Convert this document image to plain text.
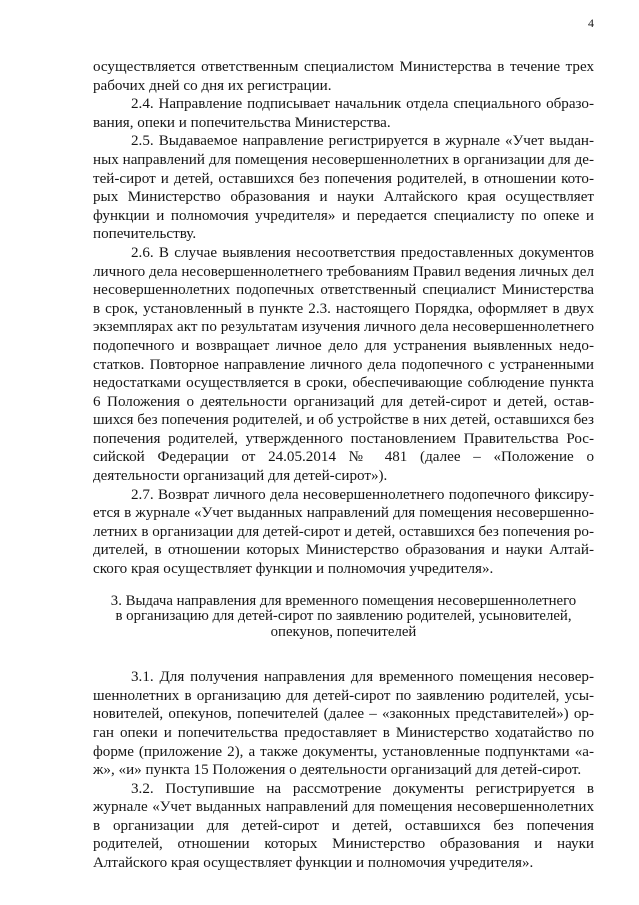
4

осуществляется ответственным специалистом Министерства в течение трех рабочих дней со дня их регистрации.

2.4. Направление подписывает начальник отдела специального образования, опеки и попечительства Министерства.

2.5. Выдаваемое направление регистрируется в журнале «Учет выданных направлений для помещения несовершеннолетних в организации для детей-сирот и детей, оставшихся без попечения родителей, в отношении которых Министерство образования и науки Алтайского края осуществляет функции и полномочия учредителя» и передается специалисту по опеке и попечительству.

2.6. В случае выявления несоответствия предоставленных документов личного дела несовершеннолетнего требованиям Правил ведения личных дел несовершеннолетних подопечных ответственный специалист Министерства в срок, установленный в пункте 2.3. настоящего Порядка, оформляет в двух экземплярах акт по результатам изучения личного дела несовершеннолетнего подопечного и возвращает личное дело для устранения выявленных недостатков. Повторное направление личного дела подопечного с устраненными недостатками осуществляется в сроки, обеспечивающие соблюдение пункта 6 Положения о деятельности организаций для детей-сирот и детей, оставшихся без попечения родителей, и об устройстве в них детей, оставшихся без попечения родителей, утвержденного постановлением Правительства Российской Федерации от 24.05.2014 № 481 (далее – «Положение о деятельности организаций для детей-сирот»).

2.7. Возврат личного дела несовершеннолетнего подопечного фиксируется в журнале «Учет выданных направлений для помещения несовершеннолетних в организации для детей-сирот и детей, оставшихся без попечения родителей, в отношении которых Министерство образования и науки Алтайского края осуществляет функции и полномочия учредителя».

3. Выдача направления для временного помещения несовершеннолетнего
в организацию для детей-сирот по заявлению родителей, усыновителей,
опекунов, попечителей

3.1. Для получения направления для временного помещения несовершеннолетних в организацию для детей-сирот по заявлению родителей, усыновителей, опекунов, попечителей (далее – «законных представителей») орган опеки и попечительства предоставляет в Министерство ходатайство по форме (приложение 2), а также документы, установленные подпунктами «а-ж», «и» пункта 15 Положения о деятельности организаций для детей-сирот.

3.2. Поступившие на рассмотрение документы регистрируется в журнале «Учет выданных направлений для помещения несовершеннолетних в организации для детей-сирот и детей, оставшихся без попечения родителей, отношении которых Министерство образования и науки Алтайского края осуществляет функции и полномочия учредителя».
